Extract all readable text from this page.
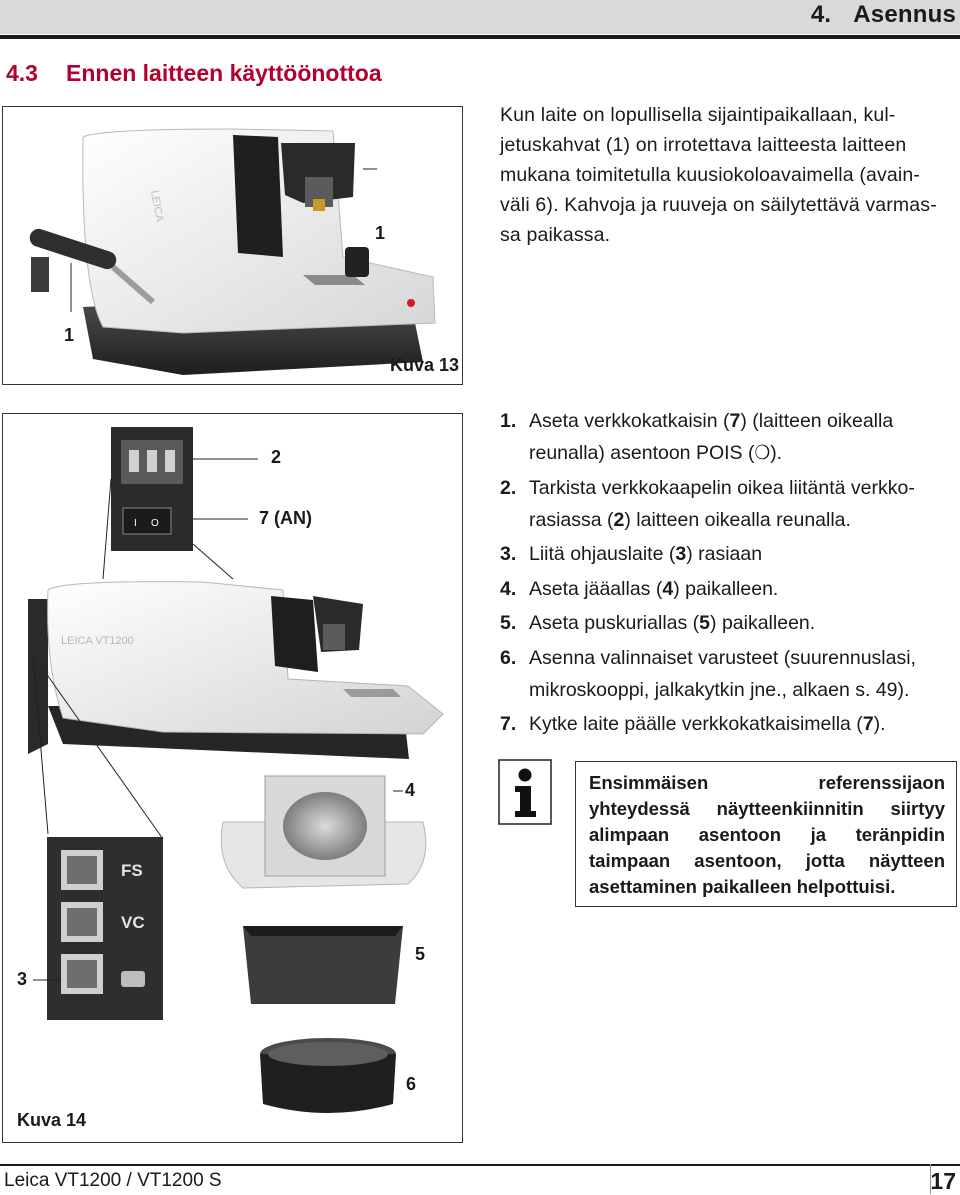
4. Asennus
4.3 Ennen laitteen käyttöönottoa
LEICA
1
1
Kuva 13
Kun laite on lopullisella sijaintipaikallaan, kul-
jetuskahvat (1) on irrotettava laitteesta laitteen
mukana toimitetulla kuusiokoloavaimella (avain-
väli 6). Kahvoja ja ruuveja on säilytettävä varmas-
sa paikassa.
I O
LEICA VT1200
FS
VC
2
7 (AN)
4
5
3
6
Kuva 14
1. Aseta verkkokatkaisin (7) (laitteen oikealla reunalla) asentoon POIS (❍).
2. Tarkista verkkokaapelin oikea liitäntä verkko-rasiassa (2) laitteen oikealla reunalla.
3. Liitä ohjauslaite (3) rasiaan
4. Aseta jääallas (4) paikalleen.
5. Aseta puskuriallas (5) paikalleen.
6. Asenna valinnaiset varusteet (suurennuslasi, mikroskooppi, jalkakytkin jne., alkaen s. 49).
7. Kytke laite päälle verkkokatkaisimella (7).
Ensimmäisen referenssijaon yhteydessä näytteenkiinnitin siirtyy alimpaan asentoon ja teränpidin taimpaan asentoon, jotta näytteen asettaminen paikalleen helpottuisi.
Leica VT1200 / VT1200 S	17
